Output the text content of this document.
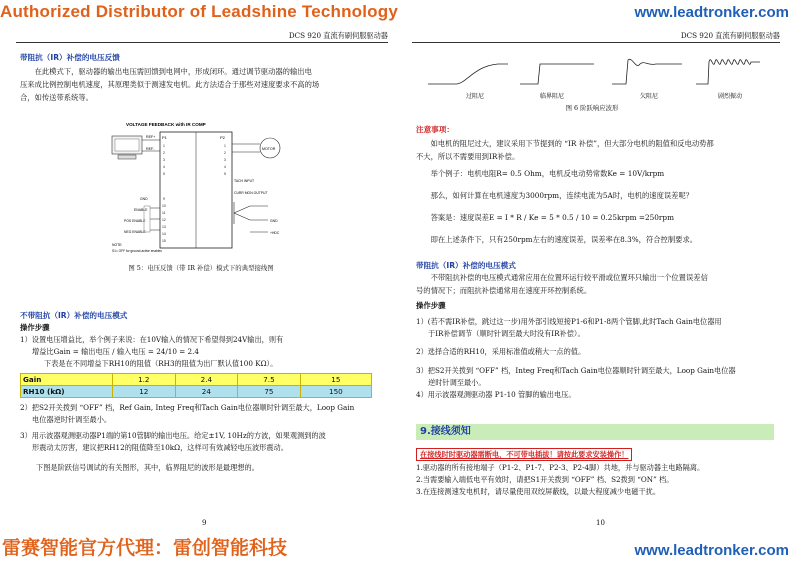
Authorized Distributor of Leadshine Technology	www.leadtronker.com
雷赛智能官方代理：雷创智能科技	www.leadtronker.com
DCS 920 直流有刷伺服驱动器
带阻抗（IR）补偿的电压反馈
在此模式下，驱动器的输出电压需回馈到电网中，形成闭环。通过调节驱动器的输出电
压来成比例控制电机速度，其原理类似于测速发电机。此方法适合于那些对速度要求不高的场
合，如传送带系统等。
VOLTAGE FEEDBACK with IR COMP
P1	P2
REF+
REF-
1
2
3
4
5
9
10
11
12
13
14
15
1
2
3
4
5
GND
ENABLE
POS ENABLE
NEG ENABLE
MOTOR
TACH INPUT
CURR MON OUTPUT
GND
+HDC
NOTE:
S1= OFF for ground-active enables
图 5：电压反馈（带 IR 补偿）模式下的典型接线图
不带阻抗（IR）补偿的电压模式
操作步骤
1）设置电压增益比，举个例子来说：在10V输入的情况下希望得到24V输出，则有
增益比Gain = 输出电压 / 输入电压 = 24/10 = 2.4
下表是在不同增益下RH10的阻值（RH3的阻值为出厂默认值100 KΩ）。
Gain	1.2	2.4	7.5	15
RH10 (kΩ)	12	24	75	150
2）把S2开关拨到 “OFF” 档，Ref Gain, Integ Freq和Tach Gain电位器顺时针调至最大，Loop Gain
电位器逆时针调至最小。
3）用示波器观测驱动器P1端的第10管脚的输出电压。给定±1V, 10Hz的方波，如果观测到的波
形震动太厉害，建议把RH12的阻值降至10kΩ，这样可有效减轻电压波形震动。
下图是阶跃信号调试的有关图形，其中，临界阻尼的波形是最理想的。
9
DCS 920 直流有刷伺服驱动器
过阻尼	临界阻尼	欠阻尼	剧烈振动
图 6 阶跃响应波形
注意事项：
如电机的阻尼过大，建议采用下节提到的 “IR 补偿”，但大部分电机的阻值和反电动势都
不大，所以不需要用到IR补偿。
举个例子：电机电阻R= 0.5 Ohm，电机反电动势常数Ke = 10V/krpm
那么，如何计算在电机速度为3000rpm，连续电流为5A时，电机的速度误差呢？
答案是：速度误差E = I * R / Ke = 5 * 0.5 / 10 = 0.25krpm =250rpm
即在上述条件下，只有250rpm左右的速度误差，误差率在8.3%，符合控制要求。
带阻抗（IR）补偿的电压模式
不带阻抗补偿的电压模式通常应用在位置环运行较平滑或位置环只输出一个位置误差信
号的情况下；而阻抗补偿通常用在速度开环控制系统。
操作步骤
1）(若不需IR补偿，跳过这一步)用外部引线短接P1-6和P1-8两个管脚,此时Tach Gain电位器用
于IR补偿调节（顺时针调至最大时没有IR补偿）。
2）选择合适的RH10，采用标准值或稍大一点的值。
3）把S2开关拨到 “OFF” 档，Integ Freq和Tach Gain电位器顺时针调至最大，Loop Gain电位器
逆时针调至最小。
4）用示波器观测驱动器 P1-10 管脚的输出电压。
9.接线须知
在接线时时驱动器需断电，不可带电插拔！请按此要求安装操作！
1.驱动器的所有接地端子（P1-2、P1-7、P2-3、P2-4脚）共地，并与驱动器主电路隔离。
2.当需要输入端低电平有效时，请把S1开关拨到 “OFF” 档、S2拨到 “ON” 档。
3.在连接测速发电机时，请尽量使用双绞屏蔽线，以最大程度减少电磁干扰。
10
